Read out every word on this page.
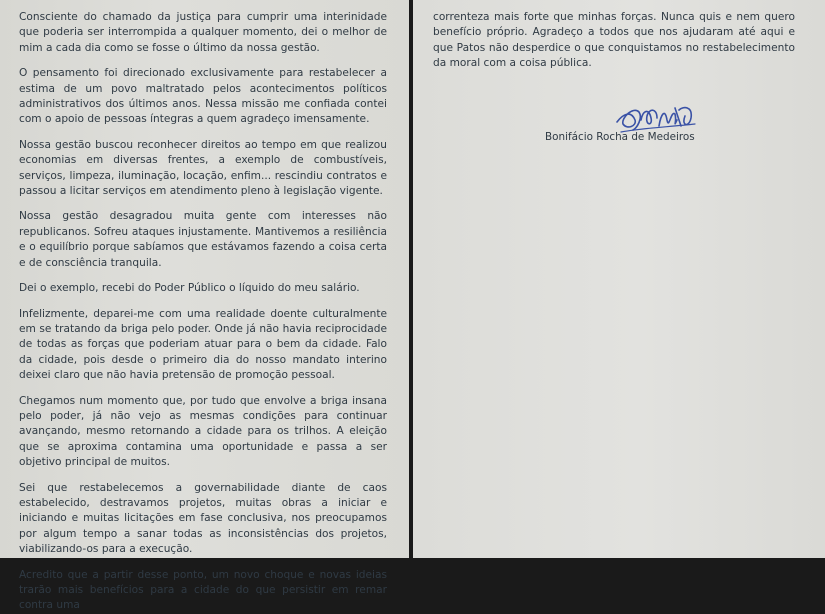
Consciente do chamado da justiça para cumprir uma interinidade que poderia ser interrompida a qualquer momento, dei o melhor de mim a cada dia como se fosse o último da nossa gestão.

O pensamento foi direcionado exclusivamente para restabelecer a estima de um povo maltratado pelos acontecimentos políticos administrativos dos últimos anos. Nessa missão me confiada contei com o apoio de pessoas íntegras a quem agradeço imensamente.

Nossa gestão buscou reconhecer direitos ao tempo em que realizou economias em diversas frentes, a exemplo de combustíveis, serviços, limpeza, iluminação, locação, enfim... rescindiu contratos e passou a licitar serviços em atendimento pleno à legislação vigente.

Nossa gestão desagradou muita gente com interesses não republicanos. Sofreu ataques injustamente. Mantivemos a resiliência e o equilíbrio porque sabíamos que estávamos fazendo a coisa certa e de consciência tranquila.

Dei o exemplo, recebi do Poder Público o líquido do meu salário.

Infelizmente, deparei-me com uma realidade doente culturalmente em se tratando da briga pelo poder. Onde já não havia reciprocidade de todas as forças que poderiam atuar para o bem da cidade. Falo da cidade, pois desde o primeiro dia do nosso mandato interino deixei claro que não havia pretensão de promoção pessoal.

Chegamos num momento que, por tudo que envolve a briga insana pelo poder, já não vejo as mesmas condições para continuar avançando, mesmo retornando a cidade para os trilhos. A eleição que se aproxima contamina uma oportunidade e passa a ser objetivo principal de muitos.

Sei que restabelecemos a governabilidade diante de caos estabelecido, destravamos projetos, muitas obras a iniciar e iniciando e muitas licitações em fase conclusiva, nos preocupamos por algum tempo a sanar todas as inconsistências dos projetos, viabilizando-os para a execução.

Acredito que a partir desse ponto, um novo choque e novas ideias trarão mais benefícios para a cidade do que persistir em remar contra uma

correnteza mais forte que minhas forças. Nunca quis e nem quero benefício próprio. Agradeço a todos que nos ajudaram até aqui e que Patos não desperdice o que conquistamos no restabelecimento da moral com a coisa pública.

Bonifácio Rocha de Medeiros
